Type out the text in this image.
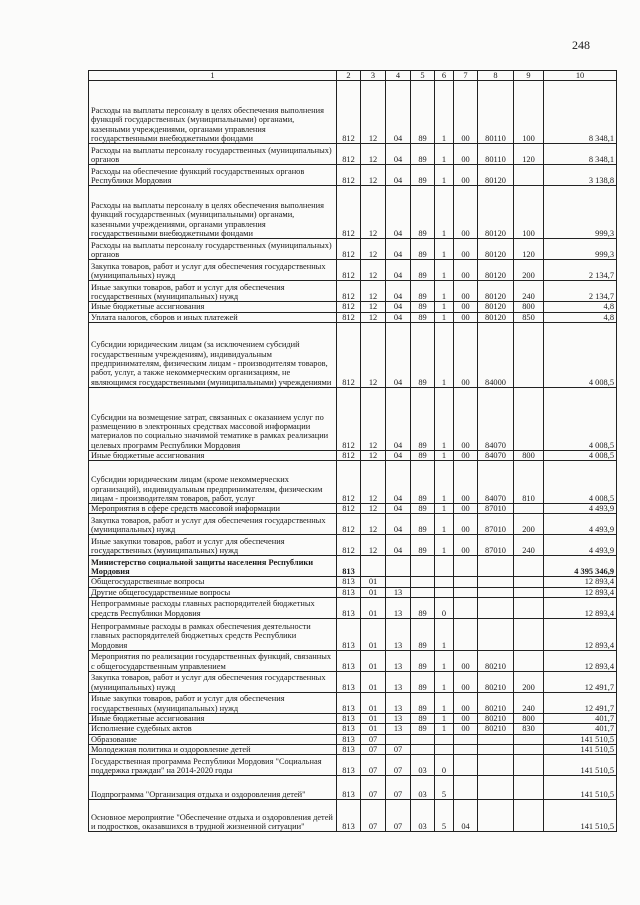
248
1	2	3	4	5	6	7	8	9	10
Расходы на выплаты персоналу в целях обеспечения выполнения функций государственных (муниципальными) органами, казенными учреждениями, органами управления государственными внебюджетными фондами	812	12	04	89	1	00	80110	100	8 348,1
Расходы на выплаты персоналу государственных (муниципальных) органов	812	12	04	89	1	00	80110	120	8 348,1
Расходы на обеспечение функций государственных органов Республики Мордовия	812	12	04	89	1	00	80120		3 138,8
Расходы на выплаты персоналу в целях обеспечения выполнения функций государственных (муниципальными) органами, казенными учреждениями, органами управления государственными внебюджетными фондами	812	12	04	89	1	00	80120	100	999,3
Расходы на выплаты персоналу государственных (муниципальных) органов	812	12	04	89	1	00	80120	120	999,3
Закупка товаров, работ и услуг для обеспечения государственных (муниципальных) нужд	812	12	04	89	1	00	80120	200	2 134,7
Иные закупки товаров, работ и услуг для обеспечения государственных (муниципальных) нужд	812	12	04	89	1	00	80120	240	2 134,7
Иные бюджетные ассигнования	812	12	04	89	1	00	80120	800	4,8
Уплата налогов, сборов и иных платежей	812	12	04	89	1	00	80120	850	4,8
Субсидии юридическим лицам (за исключением субсидий государственным учреждениям), индивидуальным предпринимателям, физическим лицам - производителям товаров, работ, услуг, а также некоммерческим организациям, не являющимся государственными (муниципальными) учреждениями	812	12	04	89	1	00	84000		4 008,5
Субсидии на возмещение затрат, связанных с оказанием услуг по размещению в электронных средствах массовой информации материалов по социально значимой тематике в рамках реализации целевых программ Республики Мордовия	812	12	04	89	1	00	84070		4 008,5
Иные бюджетные ассигнования	812	12	04	89	1	00	84070	800	4 008,5
Субсидии юридическим лицам (кроме некоммерческих организаций), индивидуальным предпринимателям, физическим лицам - производителям товаров, работ, услуг	812	12	04	89	1	00	84070	810	4 008,5
Мероприятия в сфере средств массовой информации	812	12	04	89	1	00	87010		4 493,9
Закупка товаров, работ и услуг для обеспечения государственных (муниципальных) нужд	812	12	04	89	1	00	87010	200	4 493,9
Иные закупки товаров, работ и услуг для обеспечения государственных (муниципальных) нужд	812	12	04	89	1	00	87010	240	4 493,9
Министерство социальной защиты населения Республики Мордовия	813								4 395 346,9
Общегосударственные вопросы	813	01							12 893,4
Другие общегосударственные вопросы	813	01	13						12 893,4
Непрограммные расходы главных распорядителей бюджетных средств Республики Мордовия	813	01	13	89	0				12 893,4
Непрограммные расходы в рамках обеспечения деятельности главных распорядителей бюджетных средств Республики Мордовия	813	01	13	89	1				12 893,4
Мероприятия по реализации государственных функций, связанных с общегосударственным управлением	813	01	13	89	1	00	80210		12 893,4
Закупка товаров, работ и услуг для обеспечения государственных (муниципальных) нужд	813	01	13	89	1	00	80210	200	12 491,7
Иные закупки товаров, работ и услуг для обеспечения государственных (муниципальных) нужд	813	01	13	89	1	00	80210	240	12 491,7
Иные бюджетные ассигнования	813	01	13	89	1	00	80210	800	401,7
Исполнение судебных актов	813	01	13	89	1	00	80210	830	401,7
Образование	813	07							141 510,5
Молодежная политика и оздоровление детей	813	07	07						141 510,5
Государственная программа Республики Мордовия "Социальная поддержка граждан" на 2014-2020 годы	813	07	07	03	0				141 510,5
Подпрограмма "Организация отдыха и оздоровления детей"	813	07	07	03	5				141 510,5
Основное мероприятие "Обеспечение отдыха и оздоровления детей и подростков, оказавшихся в трудной жизненной ситуации"	813	07	07	03	5	04			141 510,5
